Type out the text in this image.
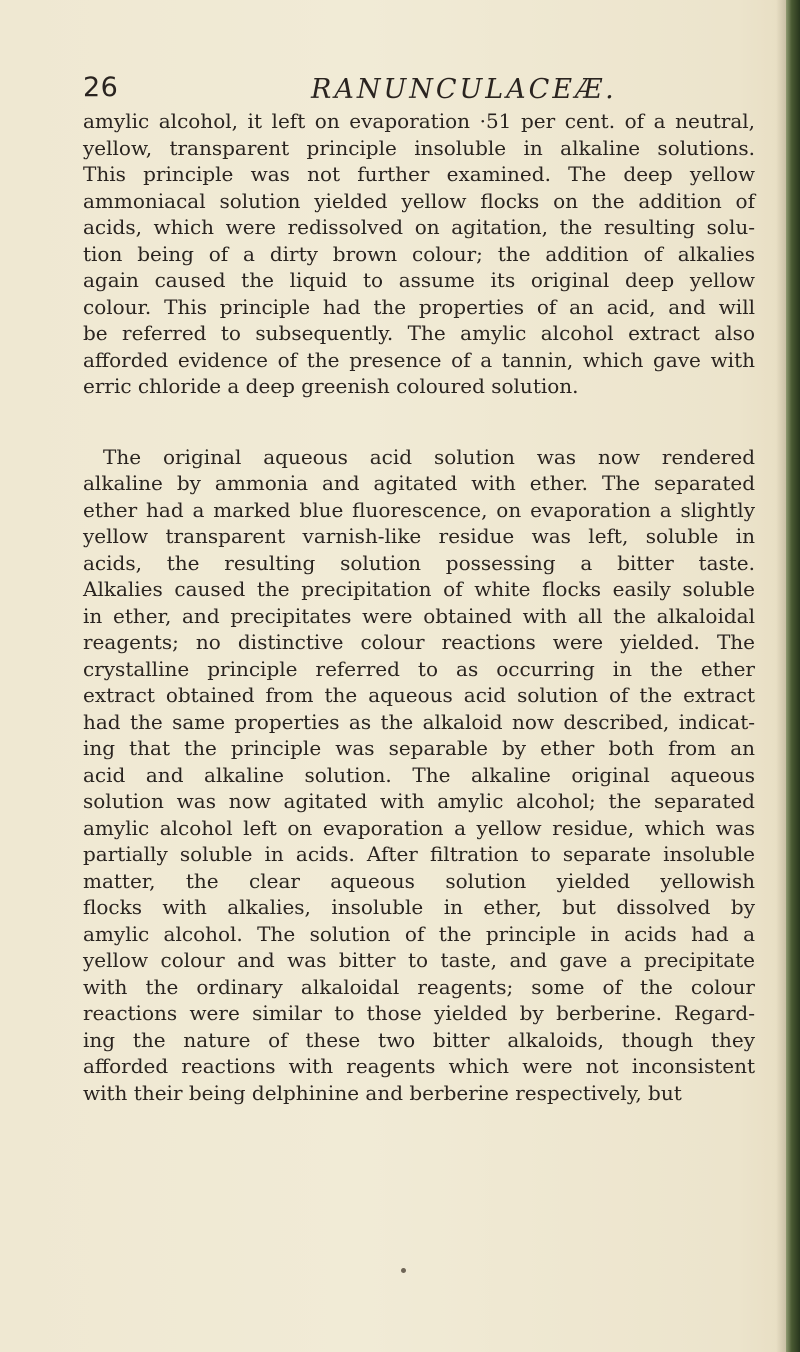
26	RANUNCULACEÆ.
amylic alcohol, it left on evaporation ·51 per cent. of a neutral,
yellow, transparent principle insoluble in alkaline solutions.
This principle was not further examined. The deep yellow
ammoniacal solution yielded yellow flocks on the addition of
acids, which were redissolved on agitation, the resulting solu-
tion being of a dirty brown colour; the addition of alkalies
again caused the liquid to assume its original deep yellow
colour. This principle had the properties of an acid, and will
be referred to subsequently. The amylic alcohol extract also
afforded evidence of the presence of a tannin, which gave with
erric chloride a deep greenish coloured solution.
The original aqueous acid solution was now rendered
alkaline by ammonia and agitated with ether. The separated
ether had a marked blue fluorescence, on evaporation a slightly
yellow transparent varnish-like residue was left, soluble in
acids, the resulting solution possessing a bitter taste.
Alkalies caused the precipitation of white flocks easily soluble
in ether, and precipitates were obtained with all the alkaloidal
reagents; no distinctive colour reactions were yielded. The
crystalline principle referred to as occurring in the ether
extract obtained from the aqueous acid solution of the extract
had the same properties as the alkaloid now described, indicat-
ing that the principle was separable by ether both from an
acid and alkaline solution. The alkaline original aqueous
solution was now agitated with amylic alcohol; the separated
amylic alcohol left on evaporation a yellow residue, which was
partially soluble in acids. After filtration to separate insoluble
matter, the clear aqueous solution yielded yellowish
flocks with alkalies, insoluble in ether, but dissolved by
amylic alcohol. The solution of the principle in acids had a
yellow colour and was bitter to taste, and gave a precipitate
with the ordinary alkaloidal reagents; some of the colour
reactions were similar to those yielded by berberine. Regard-
ing the nature of these two bitter alkaloids, though they
afforded reactions with reagents which were not inconsistent
with their being delphinine and berberine respectively, but
